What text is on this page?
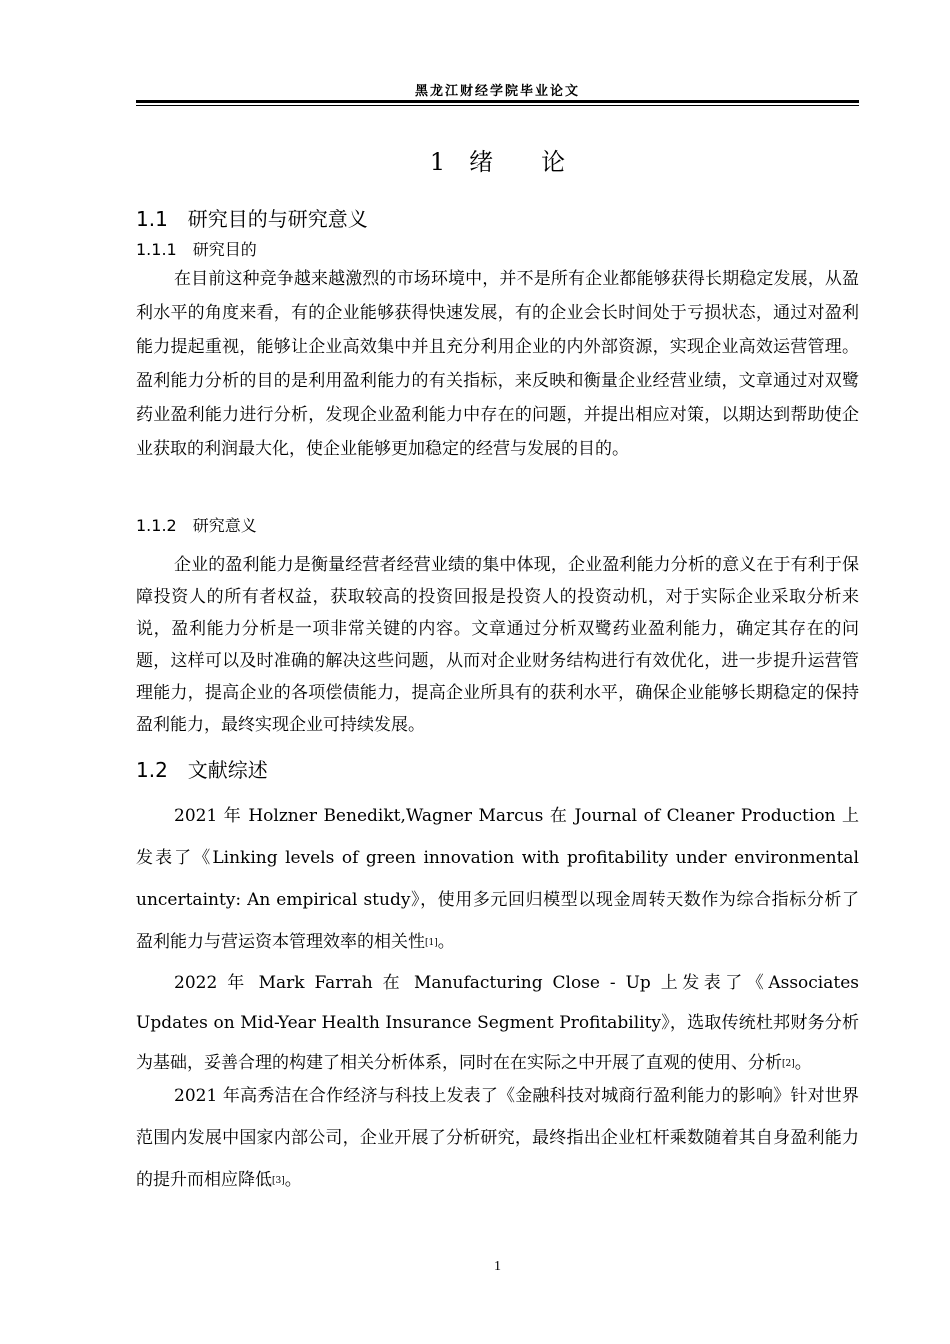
黑龙江财经学院毕业论文
1　绪　　论
1.1　研究目的与研究意义
1.1.1　研究目的

在目前这种竞争越来越激烈的市场环境中，并不是所有企业都能够获得长期稳定发展，从盈利水平的角度来看，有的企业能够获得快速发展，有的企业会长时间处于亏损状态，通过对盈利能力提起重视，能够让企业高效集中并且充分利用企业的内外部资源，实现企业高效运营管理。盈利能力分析的目的是利用盈利能力的有关指标，来反映和衡量企业经营业绩，文章通过对双鹭药业盈利能力进行分析，发现企业盈利能力中存在的问题，并提出相应对策，以期达到帮助使企业获取的利润最大化，使企业能够更加稳定的经营与发展的目的。

1.1.2　研究意义

企业的盈利能力是衡量经营者经营业绩的集中体现，企业盈利能力分析的意义在于有利于保障投资人的所有者权益，获取较高的投资回报是投资人的投资动机，对于实际企业采取分析来说，盈利能力分析是一项非常关键的内容。文章通过分析双鹭药业盈利能力，确定其存在的问题，这样可以及时准确的解决这些问题，从而对企业财务结构进行有效优化，进一步提升运营管理能力，提高企业的各项偿债能力，提高企业所具有的获利水平，确保企业能够长期稳定的保持盈利能力，最终实现企业可持续发展。

1.2　文献综述

2021 年 Holzner Benedikt,Wagner Marcus 在 Journal of Cleaner Production 上发表了《Linking levels of green innovation with profitability under environmental uncertainty: An empirical study》，使用多元回归模型以现金周转天数作为综合指标分析了盈利能力与营运资本管理效率的相关性[1]。

2022 年 Mark Farrah 在 Manufacturing Close - Up 上发表了《Associates Updates on Mid-Year Health Insurance Segment Profitability》，选取传统杜邦财务分析为基础，妥善合理的构建了相关分析体系，同时在在实际之中开展了直观的使用、分析[2]。

2021 年高秀洁在合作经济与科技上发表了《金融科技对城商行盈利能力的影响》针对世界范围内发展中国家内部公司，企业开展了分析研究，最终指出企业杠杆乘数随着其自身盈利能力的提升而相应降低[3]。

1
